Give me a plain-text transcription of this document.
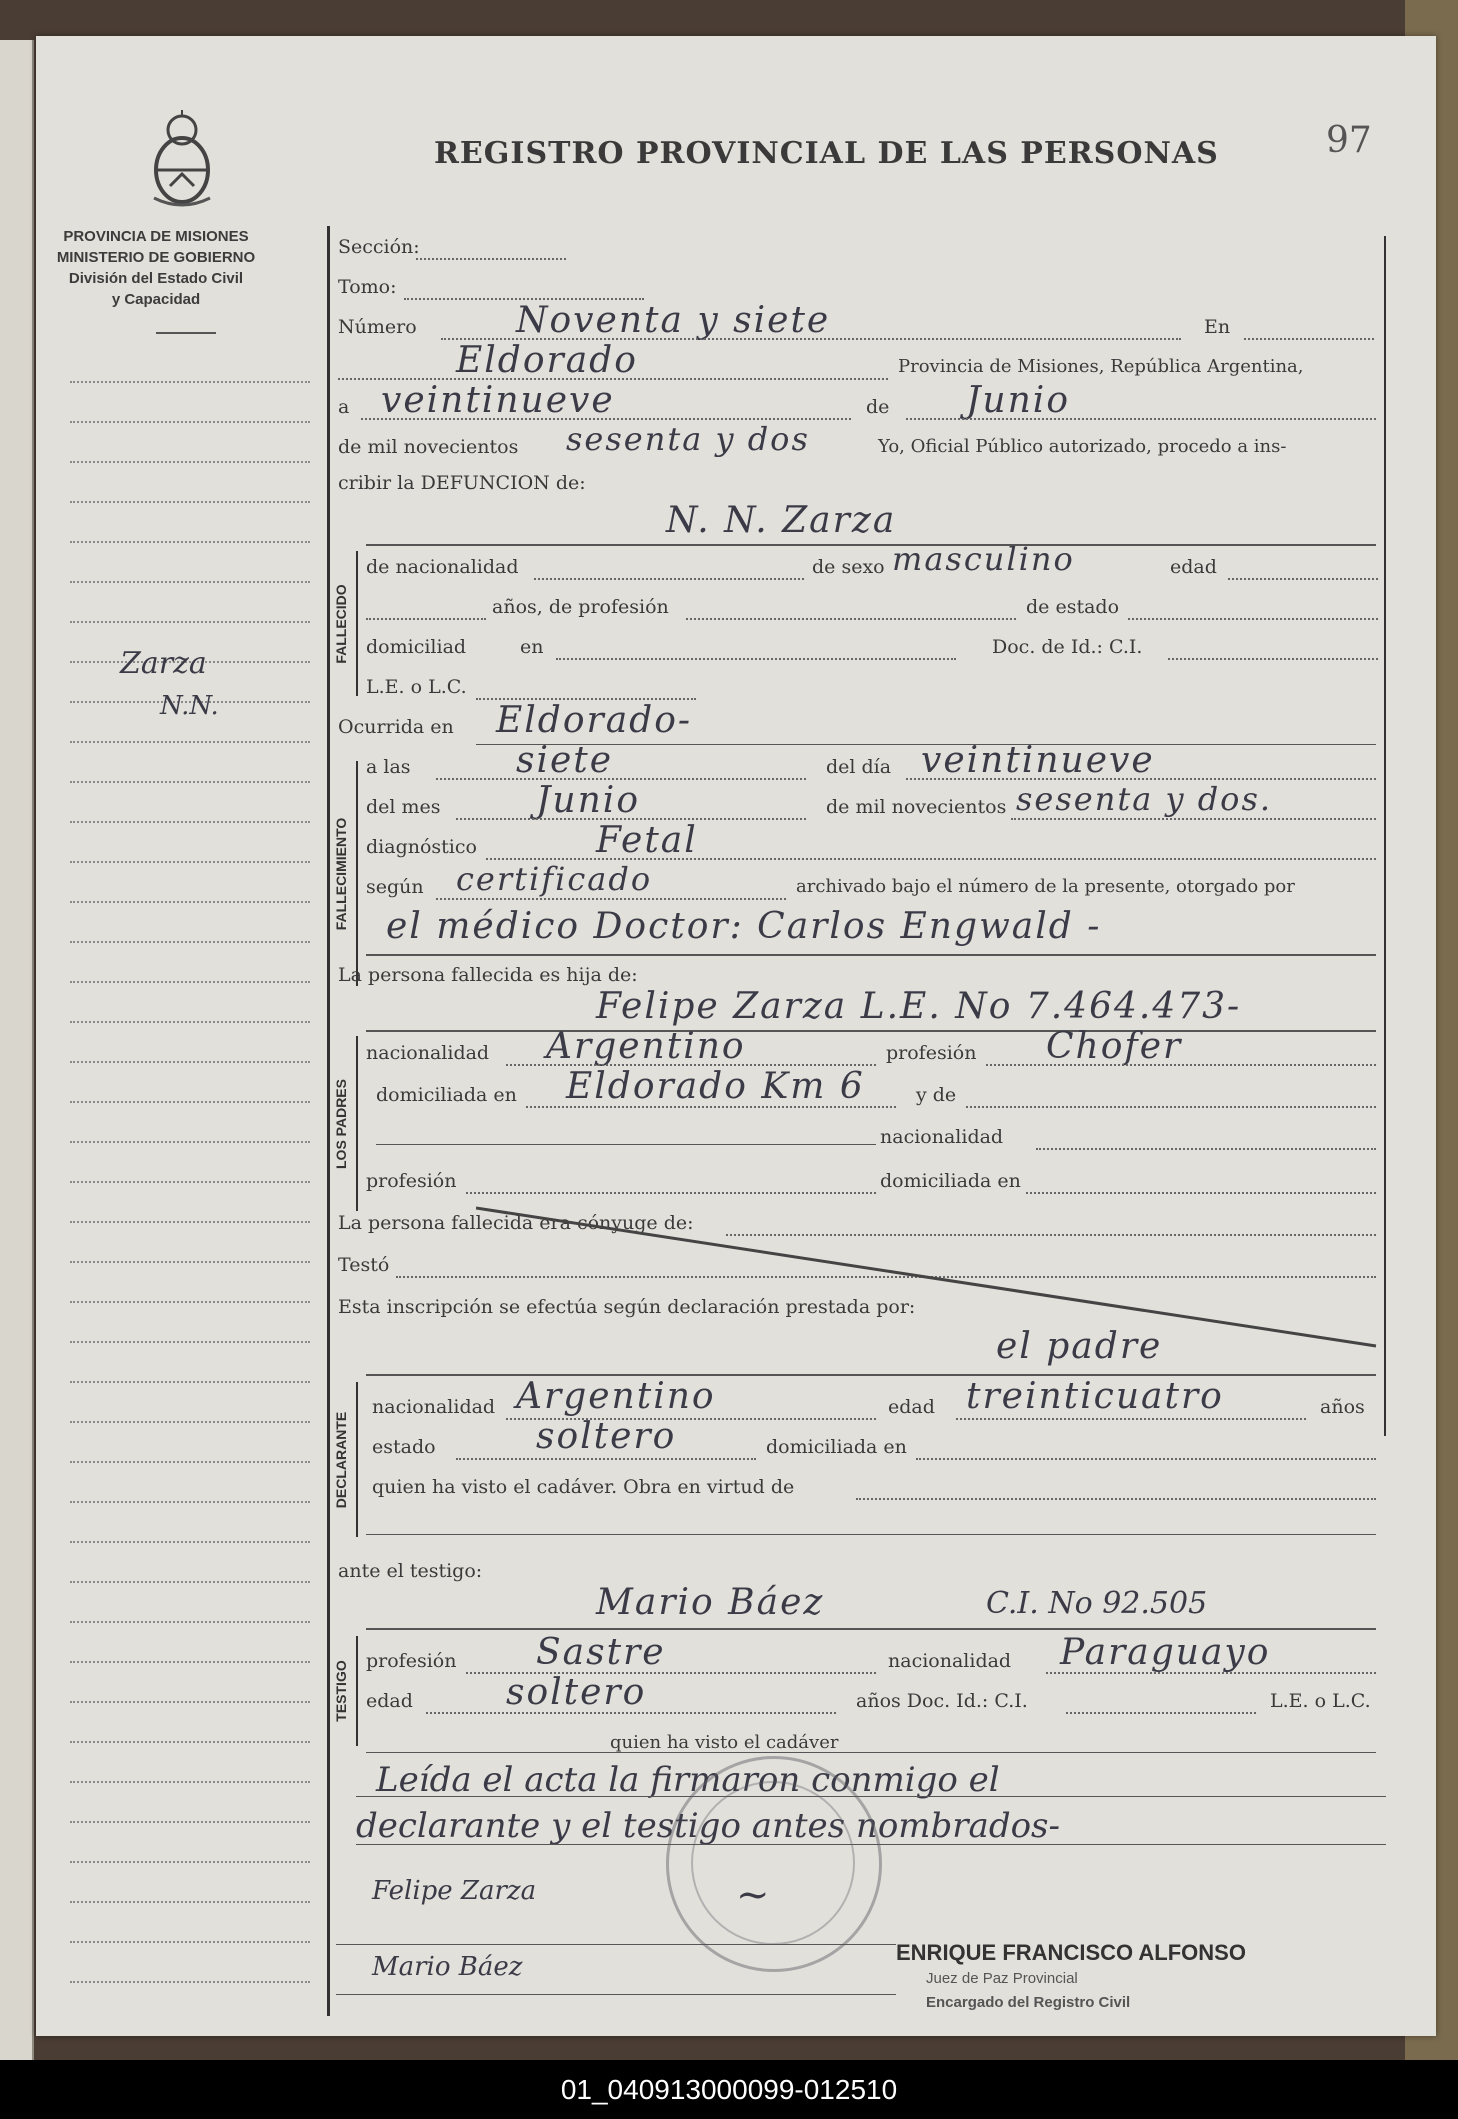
PROVINCIA DE MISIONES
MINISTERIO DE GOBIERNO
División del Estado Civil
y Capacidad
REGISTRO PROVINCIAL DE LAS PERSONAS	97
Zarza
N.N.
Sección:
Tomo:
Número	Noventa y siete	En
Eldorado	Provincia de Misiones, República Argentina,
a veintinueve	de Junio
de mil novecientos sesenta y dos	Yo, Oficial Público autorizado, procedo a ins-
cribir la DEFUNCION de:
N. N. Zarza
FALLECIDO
de nacionalidad	de sexo masculino	edad
años, de profesión	de estado
domiciliad	en	Doc. de Id.: C.I.
L.E. o L.C.
Ocurrida en Eldorado-
FALLECIMIENTO
a las	siete	del día veintinueve
del mes	Junio	de mil novecientos sesenta y dos.
diagnóstico	Fetal
según certificado	archivado bajo el número de la presente, otorgado por
el médico Doctor: Carlos Engwald -
La persona fallecida es hija de:
Felipe Zarza L.E. No 7.464.473-
LOS PADRES
nacionalidad Argentino	profesión Chofer
domiciliada en Eldorado Km 6	y de
nacionalidad
profesión	domiciliada en
La persona fallecida era cónyuge de:
Testó
Esta inscripción se efectúa según declaración prestada por:
el padre
DECLARANTE
nacionalidad Argentino	edad treinticuatro	años
estado	soltero	domiciliada en
quien ha visto el cadáver. Obra en virtud de
ante el testigo:
Mario Báez	C.I. No 92.505
TESTIGO profesión Sastre	nacionalidad Paraguayo
edad	soltero	años Doc. Id.: C.I.	L.E. o L.C.
quien ha visto el cadáver
Leída el acta la firmaron conmigo el
declarante y el testigo antes nombrados-
Felipe Zarza	~
Mario Báez	ENRIQUE FRANCISCO ALFONSO
Juez de Paz Provincial
Encargado del Registro Civil
01_040913000099-012510
